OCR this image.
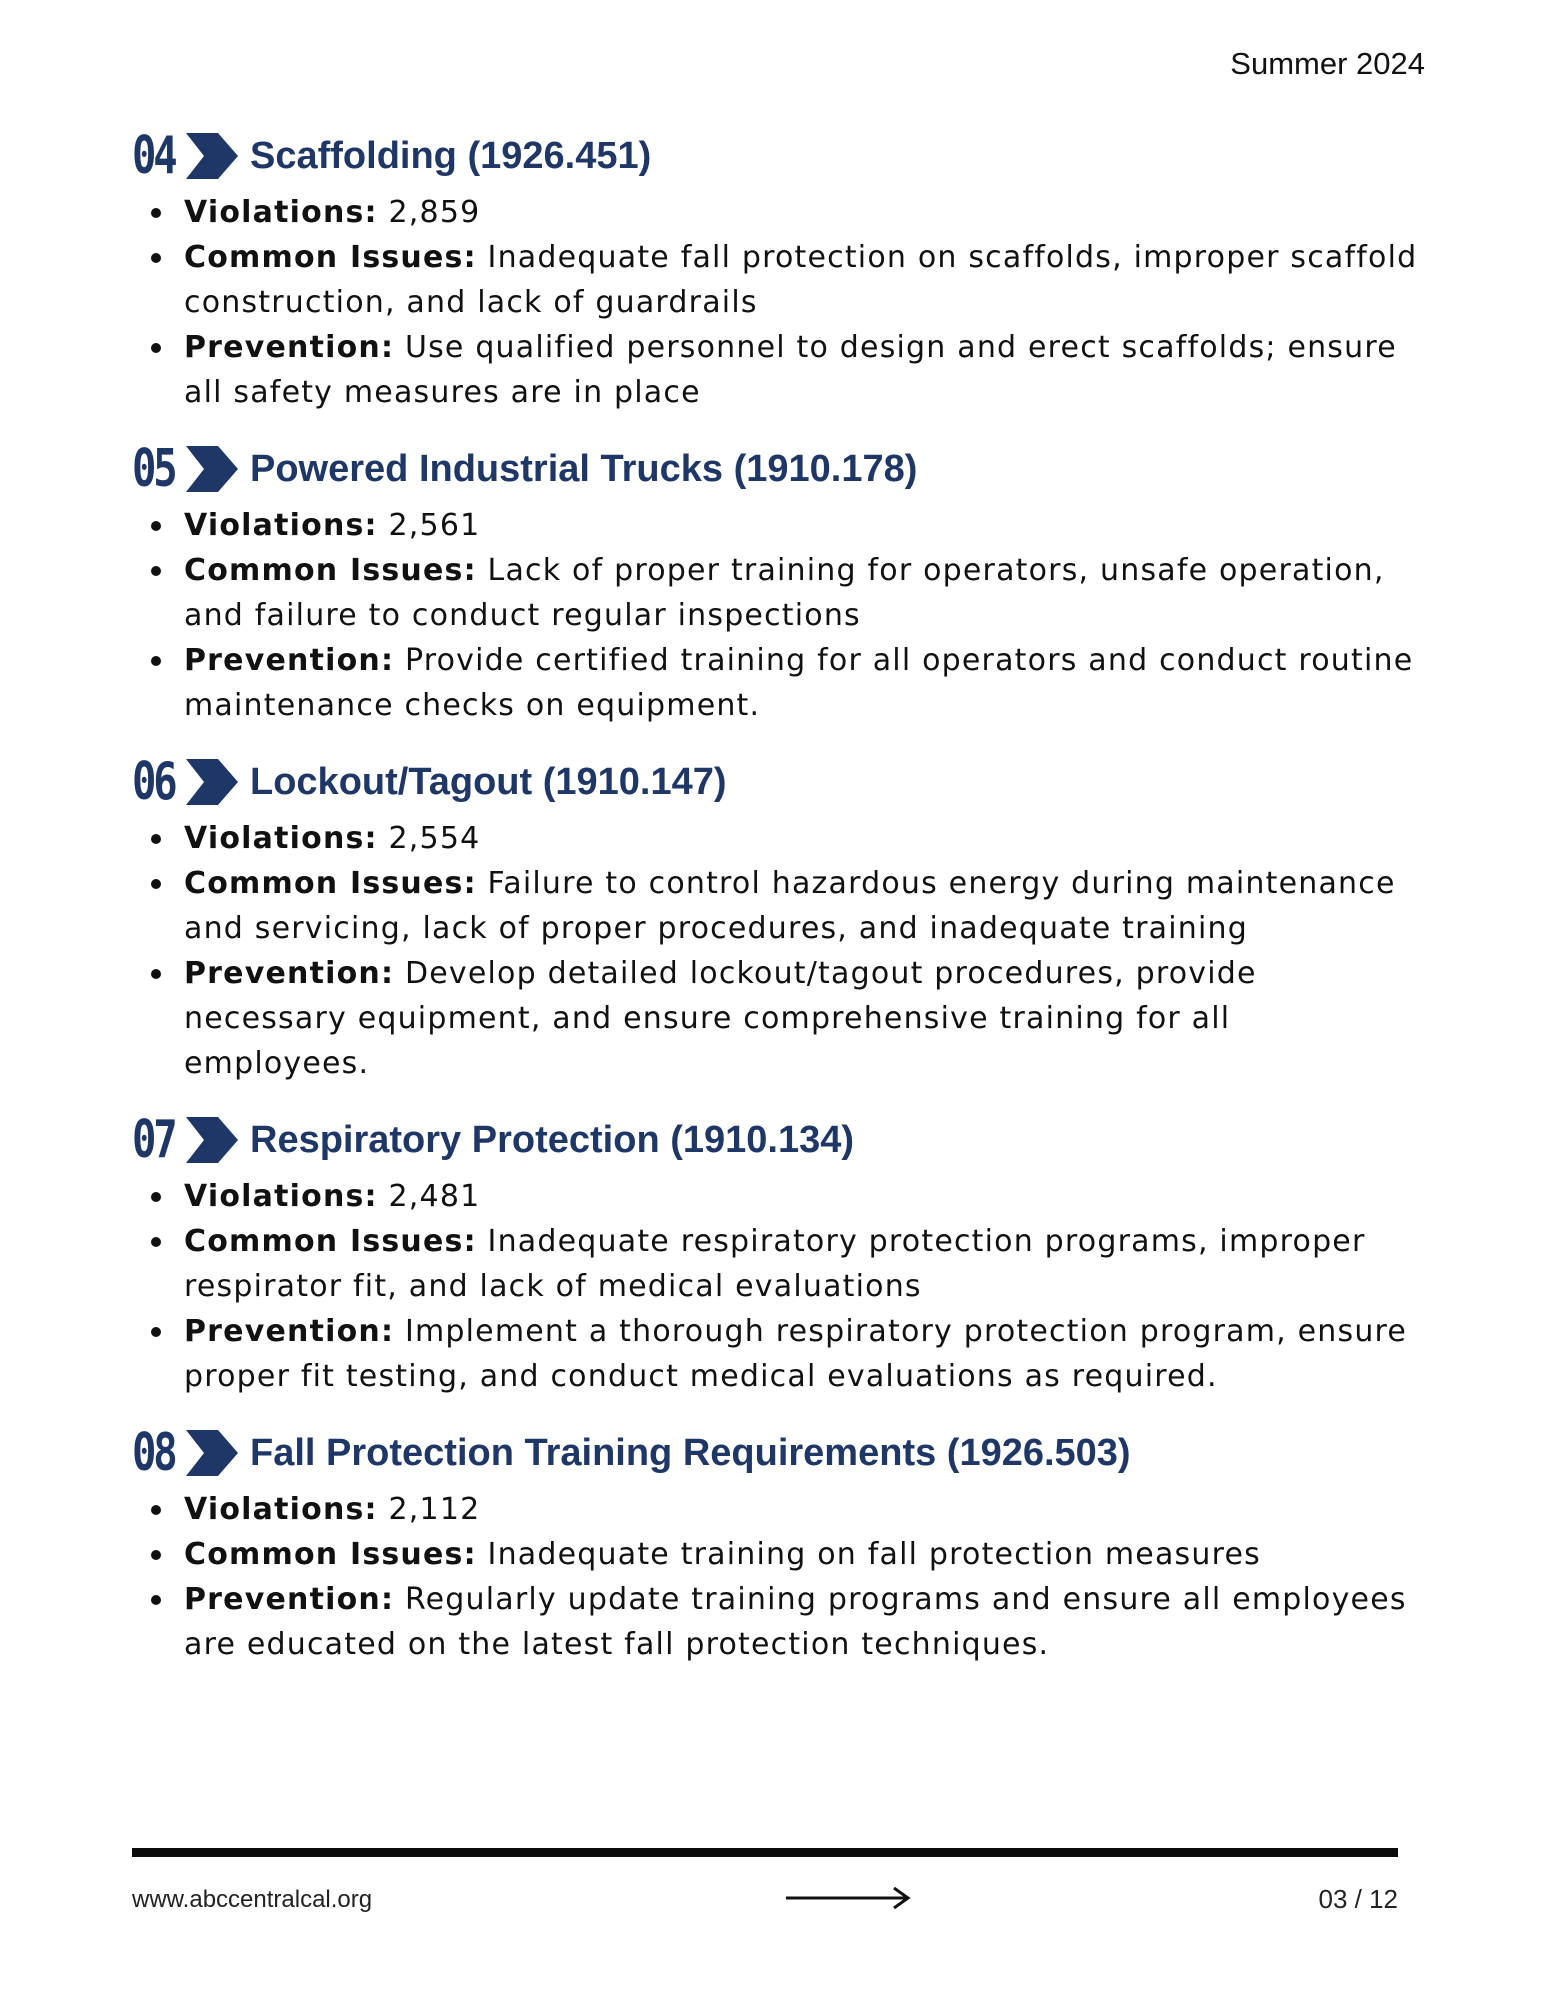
Summer 2024
04 Scaffolding (1926.451)
Violations: 2,859
Common Issues: Inadequate fall protection on scaffolds, improper scaffold construction, and lack of guardrails
Prevention: Use qualified personnel to design and erect scaffolds; ensure all safety measures are in place
05 Powered Industrial Trucks (1910.178)
Violations: 2,561
Common Issues: Lack of proper training for operators, unsafe operation, and failure to conduct regular inspections
Prevention: Provide certified training for all operators and conduct routine maintenance checks on equipment.
06 Lockout/Tagout (1910.147)
Violations: 2,554
Common Issues: Failure to control hazardous energy during maintenance and servicing, lack of proper procedures, and inadequate training
Prevention: Develop detailed lockout/tagout procedures, provide necessary equipment, and ensure comprehensive training for all employees.
07 Respiratory Protection (1910.134)
Violations: 2,481
Common Issues: Inadequate respiratory protection programs, improper respirator fit, and lack of medical evaluations
Prevention: Implement a thorough respiratory protection program, ensure proper fit testing, and conduct medical evaluations as required.
08 Fall Protection Training Requirements (1926.503)
Violations: 2,112
Common Issues: Inadequate training on fall protection measures
Prevention: Regularly update training programs and ensure all employees are educated on the latest fall protection techniques.
www.abccentralcal.org	03 / 12
